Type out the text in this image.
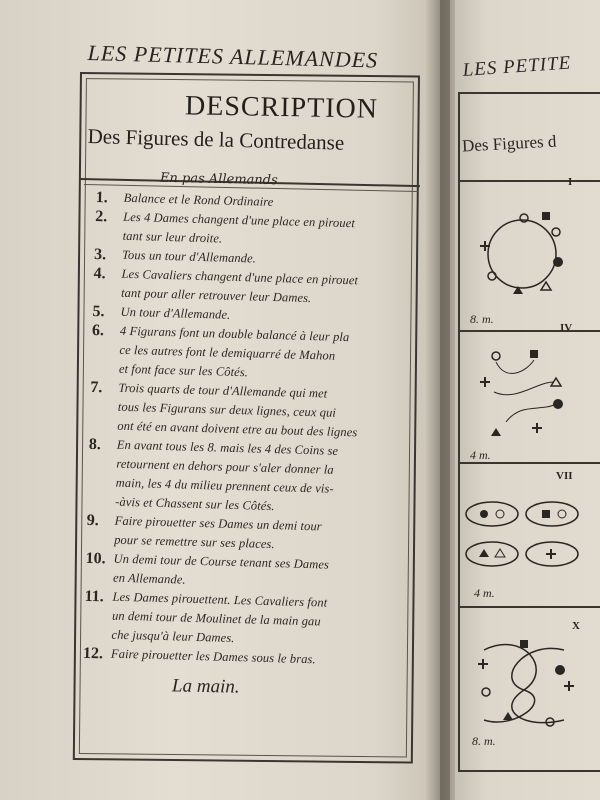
LES PETITES ALLEMANDES
DESCRIPTION
Des Figures de la Contredanse
En pas Allemands
1.	Balance et le Rond Ordinaire
2.	Les 4 Dames changent d'une place en pirouet
tant sur leur droite.
3.	Tous un tour d'Allemande.
4.	Les Cavaliers changent d'une place en pirouet
tant pour aller retrouver leur Dames.
5.	Un tour d'Allemande.
6.	4 Figurans font un double balancé à leur pla
ce les autres font le demiquarré de Mahon
et font face sur les Côtés.
7.	Trois quarts de tour d'Allemande qui met
tous les Figurans sur deux lignes, ceux qui
ont été en avant doivent etre au bout des lignes
8.	En avant tous les 8. mais les 4 des Coins se
retournent en dehors pour s'aler donner la
main, les 4 du milieu prennent ceux de vis-
-àvis et Chassent sur les Côtés.
9.	Faire pirouetter ses Dames un demi tour
pour se remettre sur ses places.
10. Un demi tour de Course tenant ses Dames
en Allemande.
11. Les Dames pirouettent. Les Cavaliers font
un demi tour de Moulinet de la main gau
che jusqu'à leur Dames.
12. Faire pirouetter les Dames sous le bras.
La main.
LES PETITE
Des Figures d
I
IV
VII
X
8. m.
4 m.
4 m.
8. m.
